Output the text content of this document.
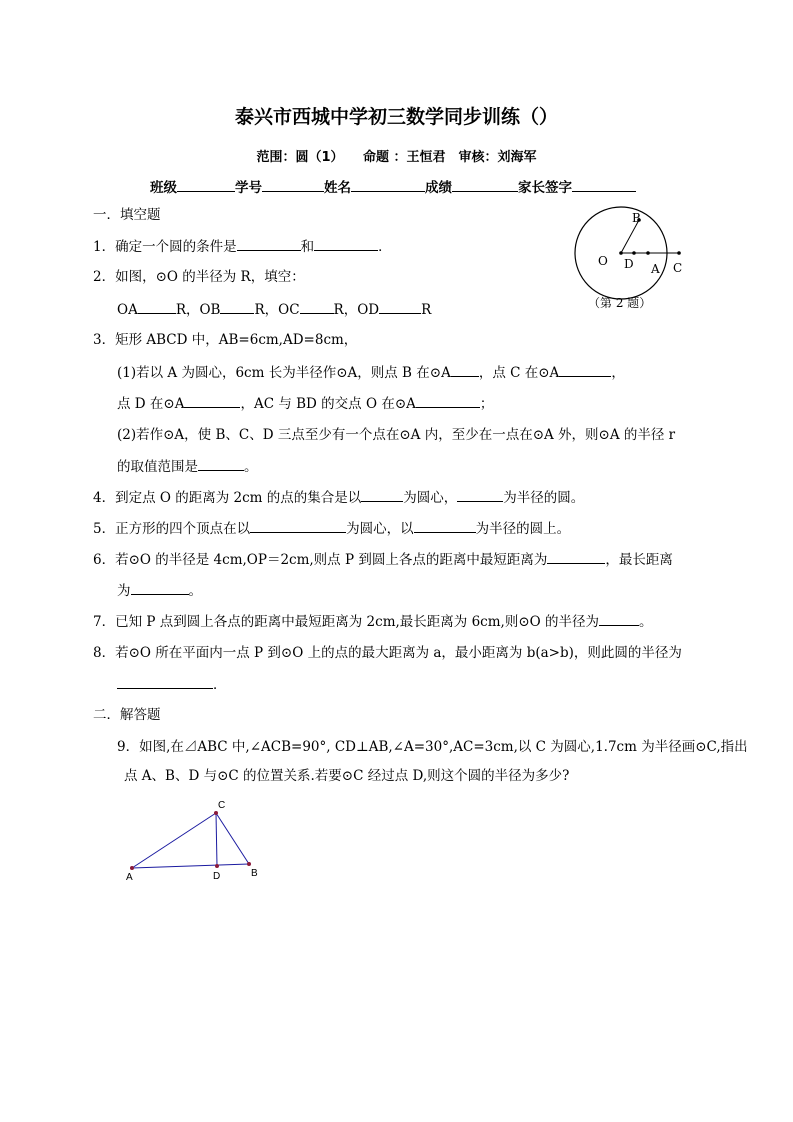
泰兴市西城中学初三数学同步训练（）
范围：圆（1）　　命题 ：王恒君　审核：刘海军
班级	学号	姓名	成绩	家长签字
一．填空题
1．确定一个圆的条件是	和	．
2．如图，⊙O 的半径为 R，填空：
OA	R，OB	R，OC	R，OD	R
3．矩形 ABCD 中，AB=6cm,AD=8cm，
(1)若以 A 为圆心，6cm 长为半径作⊙A，则点 B 在⊙A ，点 C 在⊙A	，
点 D 在⊙A	，AC 与 BD 的交点 O 在⊙A	；
(2)若作⊙A，使 B、C、D 三点至少有一个点在⊙A 内，至少在一点在⊙A 外，则⊙A 的半径 r
的取值范围是	。
4．到定点 O 的距离为 2cm 的点的集合是以	为圆心，	为半径的圆。
5．正方形的四个顶点在以	为圆心，以	为半径的圆上。
6．若⊙O 的半径是 4cm,OP＝2cm,则点 P 到圆上各点的距离中最短距离为	，最长距离
为	。
7．已知 P 点到圆上各点的距离中最短距离为 2cm,最长距离为 6cm,则⊙O 的半径为	。
8．若⊙O 所在平面内一点 P 到⊙O 上的点的最大距离为 a，最小距离为 b(a>b)，则此圆的半径为
．
二．解答题
9．如图,在⊿ABC 中,∠ACB=90°, CD⊥AB,∠A=30°,AC=3cm,以 C 为圆心,1.7cm 为半径画⊙C,指出
点 A、B、D 与⊙C 的位置关系.若要⊙C 经过点 D,则这个圆的半径为多少?
B
O D A C
（第 2 题）
C
A	D	B
